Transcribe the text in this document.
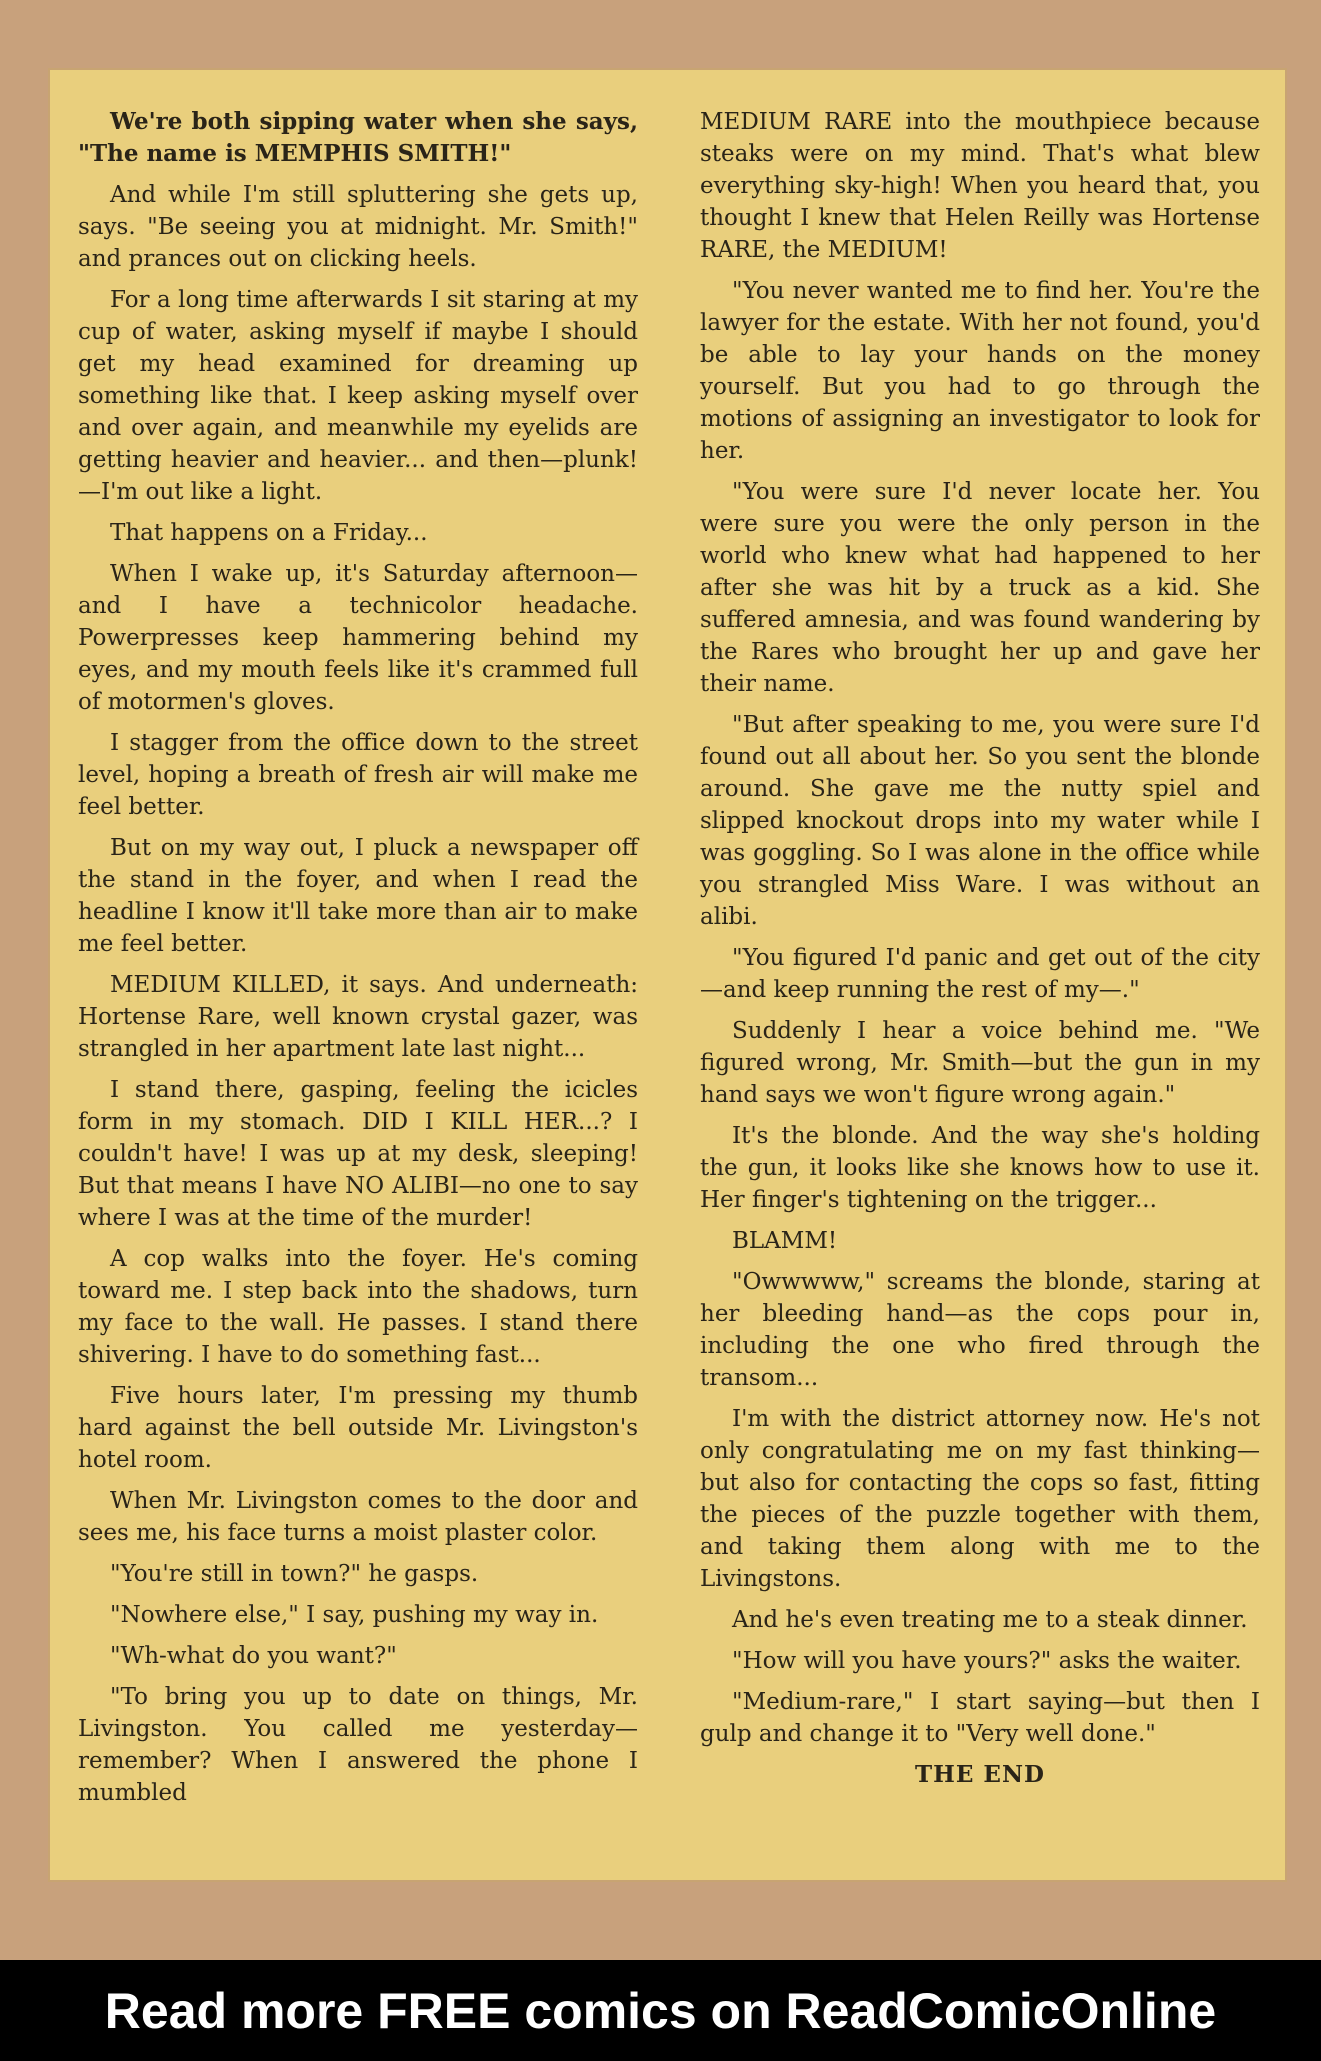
We're both sipping water when she says, "The name is MEMPHIS SMITH!"

And while I'm still spluttering she gets up, says. "Be seeing you at midnight. Mr. Smith!" and prances out on clicking heels.

For a long time afterwards I sit staring at my cup of water, asking myself if maybe I should get my head examined for dreaming up something like that. I keep asking myself over and over again, and meanwhile my eyelids are getting heavier and heavier... and then—plunk!—I'm out like a light.

That happens on a Friday...

When I wake up, it's Saturday afternoon—and I have a technicolor headache. Powerpresses keep hammering behind my eyes, and my mouth feels like it's crammed full of motormen's gloves.

I stagger from the office down to the street level, hoping a breath of fresh air will make me feel better.

But on my way out, I pluck a newspaper off the stand in the foyer, and when I read the headline I know it'll take more than air to make me feel better.

MEDIUM KILLED, it says. And underneath: Hortense Rare, well known crystal gazer, was strangled in her apartment late last night...

I stand there, gasping, feeling the icicles form in my stomach. DID I KILL HER...? I couldn't have! I was up at my desk, sleeping! But that means I have NO ALIBI—no one to say where I was at the time of the murder!

A cop walks into the foyer. He's coming toward me. I step back into the shadows, turn my face to the wall. He passes. I stand there shivering. I have to do something fast...

Five hours later, I'm pressing my thumb hard against the bell outside Mr. Livingston's hotel room.

When Mr. Livingston comes to the door and sees me, his face turns a moist plaster color.

"You're still in town?" he gasps.

"Nowhere else," I say, pushing my way in.

"Wh-what do you want?"

"To bring you up to date on things, Mr. Livingston. You called me yesterday—remember? When I answered the phone I mumbled

MEDIUM RARE into the mouthpiece because steaks were on my mind. That's what blew everything sky-high! When you heard that, you thought I knew that Helen Reilly was Hortense RARE, the MEDIUM!

"You never wanted me to find her. You're the lawyer for the estate. With her not found, you'd be able to lay your hands on the money yourself. But you had to go through the motions of assigning an investigator to look for her.

"You were sure I'd never locate her. You were sure you were the only person in the world who knew what had happened to her after she was hit by a truck as a kid. She suffered amnesia, and was found wandering by the Rares who brought her up and gave her their name.

"But after speaking to me, you were sure I'd found out all about her. So you sent the blonde around. She gave me the nutty spiel and slipped knockout drops into my water while I was goggling. So I was alone in the office while you strangled Miss Ware. I was without an alibi.

"You figured I'd panic and get out of the city—and keep running the rest of my—."

Suddenly I hear a voice behind me. "We figured wrong, Mr. Smith—but the gun in my hand says we won't figure wrong again."

It's the blonde. And the way she's holding the gun, it looks like she knows how to use it. Her finger's tightening on the trigger...

BLAMM!

"Owwwww," screams the blonde, staring at her bleeding hand—as the cops pour in, including the one who fired through the transom...

I'm with the district attorney now. He's not only congratulating me on my fast thinking—but also for contacting the cops so fast, fitting the pieces of the puzzle together with them, and taking them along with me to the Livingstons.

And he's even treating me to a steak dinner.

"How will you have yours?" asks the waiter.

"Medium-rare," I start saying—but then I gulp and change it to "Very well done."

THE END
Read more FREE comics on ReadComicOnline
